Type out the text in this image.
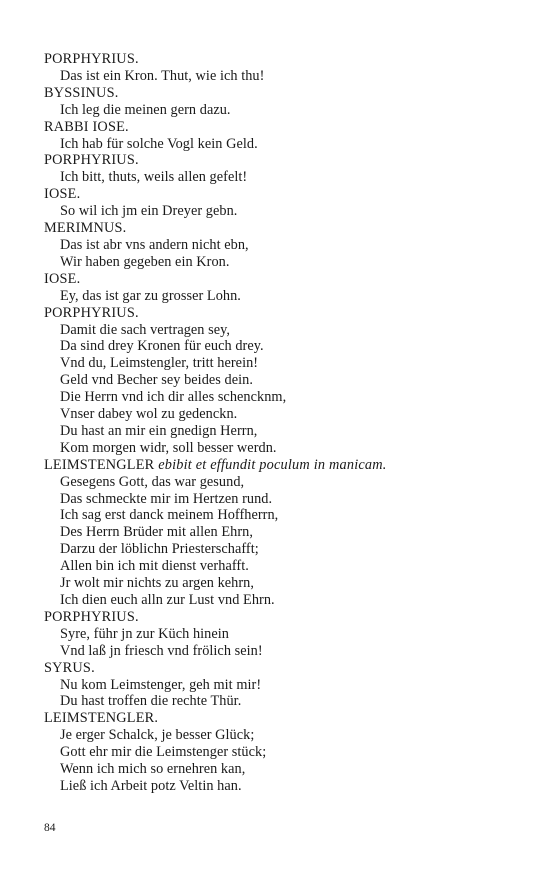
PORPHYRIUS.
Das ist ein Kron. Thut, wie ich thu!
BYSSINUS.
Ich leg die meinen gern dazu.
RABBI IOSE.
Ich hab für solche Vogl kein Geld.
PORPHYRIUS.
Ich bitt, thuts, weils allen gefelt!
IOSE.
So wil ich jm ein Dreyer gebn.
MERIMNUS.
Das ist abr vns andern nicht ebn,
Wir haben gegeben ein Kron.
IOSE.
Ey, das ist gar zu grosser Lohn.
PORPHYRIUS.
Damit die sach vertragen sey,
Da sind drey Kronen für euch drey.
Vnd du, Leimstengler, tritt herein!
Geld vnd Becher sey beides dein.
Die Herrn vnd ich dir alles schencknm,
Vnser dabey wol zu gedenckn.
Du hast an mir ein gnedign Herrn,
Kom morgen widr, soll besser werdn.
LEIMSTENGLER ebibit et effundit poculum in manicam.
Gesegens Gott, das war gesund,
Das schmeckte mir im Hertzen rund.
Ich sag erst danck meinem Hoffherrn,
Des Herrn Brüder mit allen Ehrn,
Darzu der löblichn Priesterschafft;
Allen bin ich mit dienst verhafft.
Jr wolt mir nichts zu argen kehrn,
Ich dien euch alln zur Lust vnd Ehrn.
PORPHYRIUS.
Syre, führ jn zur Küch hinein
Vnd laß jn friesch vnd frölich sein!
SYRUS.
Nu kom Leimstenger, geh mit mir!
Du hast troffen die rechte Thür.
LEIMSTENGLER.
Je erger Schalck, je besser Glück;
Gott ehr mir die Leimstenger stück;
Wenn ich mich so ernehren kan,
Ließ ich Arbeit potz Veltin han.
84
